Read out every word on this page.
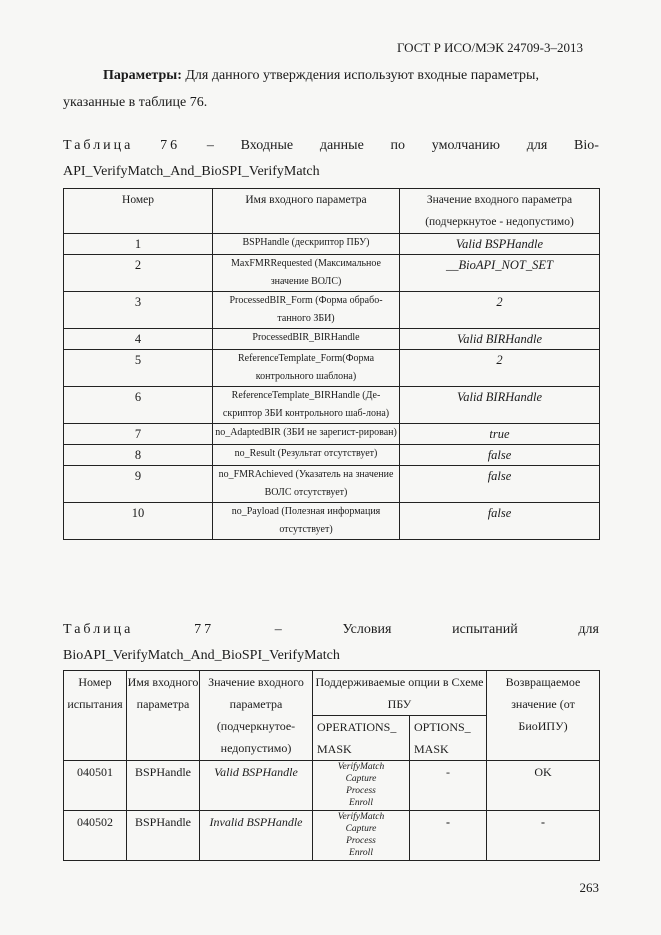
ГОСТ Р ИСО/МЭК 24709-3–2013
Параметры: Для данного утверждения используют входные параметры, указанные в таблице 76.
Таблица 76 – Входные данные по умолчанию для Bio-
API_VerifyMatch_And_BioSPI_VerifyMatch
Номер	Имя входного параметра	Значение входного параметра (подчеркнутое - недопустимо)
1	BSPHandle (дескриптор ПБУ)	Valid BSPHandle
2	MaxFMRRequested (Максимальное значение ВОЛС)	__BioAPI_NOT_SET
3	ProcessedBIR_Form (Форма обрабо-танного ЗБИ)	2
4	ProcessedBIR_BIRHandle	Valid BIRHandle
5	ReferenceTemplate_Form(Форма контрольного шаблона)	2
6	ReferenceTemplate_BIRHandle (Де-скриптор ЗБИ контрольного шаб-лона)	Valid BIRHandle
7	no_AdaptedBIR (ЗБИ не зарегист-рирован)	true
8	no_Result (Результат отсутствует)	false
9	no_FMRAchieved (Указатель на значение ВОЛС отсутствует)	false
10	no_Payload (Полезная информация отсутствует)	false
Таблица	77	–	Условия	испытаний	для
BioAPI_VerifyMatch_And_BioSPI_VerifyMatch
Номер испытания	Имя входного параметра	Значение входного параметра (подчеркнутое-недопустимо)	Поддерживаемые опции в Схеме ПБУ		Возвращаемое значение (от БиоИПУ)
			OPERATIONS_ MASK	OPTIONS_ MASK	
040501	BSPHandle	Valid BSPHandle	VerifyMatch
Capture
Process
Enroll	-	OK
040502	BSPHandle	Invalid BSPHandle	VerifyMatch
Capture
Process
Enroll	-	-
263
